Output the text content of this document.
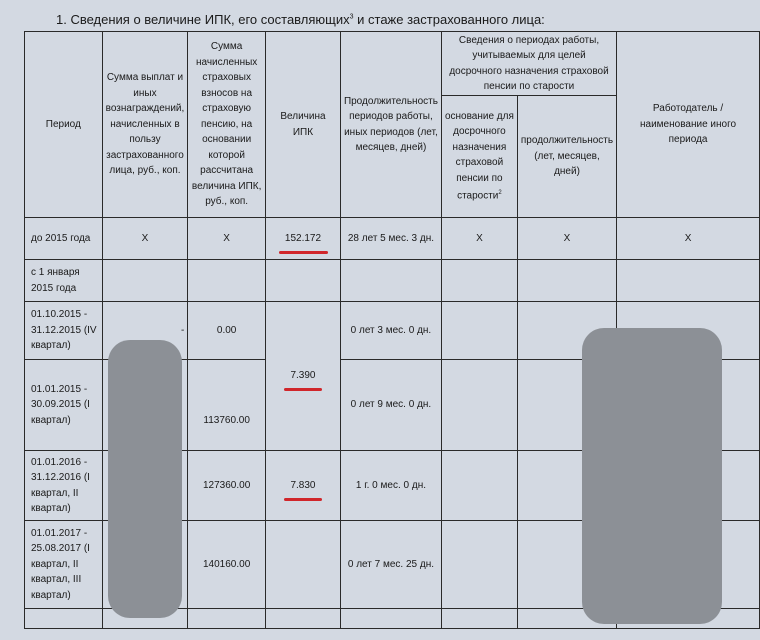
1. Сведения о величине ИПК, его составляющих$^3$ и стаже застрахованного лица:
Период	Сумма выплат и иных вознаграждений, начисленных в пользу застрахованного лица, руб., коп.	Сумма начисленных страховых взносов на страховую пенсию, на основании которой рассчитана величина ИПК, руб., коп.	Величина ИПК	Продолжительность периодов работы, иных периодов (лет, месяцев, дней)	Сведения о периодах работы, учитываемых для целей досрочного назначения страховой пенсии по старости		Работодатель / наименование иного периода
					основание для досрочного назначения страховой пенсии по старости$^2$	продолжительность (лет, месяцев, дней)	
до 2015 года	Х	Х	152.172	28 лет 5 мес. 3 дн.	Х	Х	Х
с 1 января 2015 года							
01.10.2015 - 31.12.2015 (IV квартал)	-	0.00		0 лет 3 мес. 0 дн.			
01.01.2015 - 30.09.2015 (I квартал)		113760.00	7.390	0 лет 9 мес. 0 дн.			
01.01.2016 - 31.12.2016 (I квартал, II квартал)		127360.00	7.830	1 г. 0 мес. 0 дн.			
01.01.2017 - 25.08.2017 (I квартал, II квартал, III квартал)		140160.00		0 лет 7 мес. 25 дн.			
